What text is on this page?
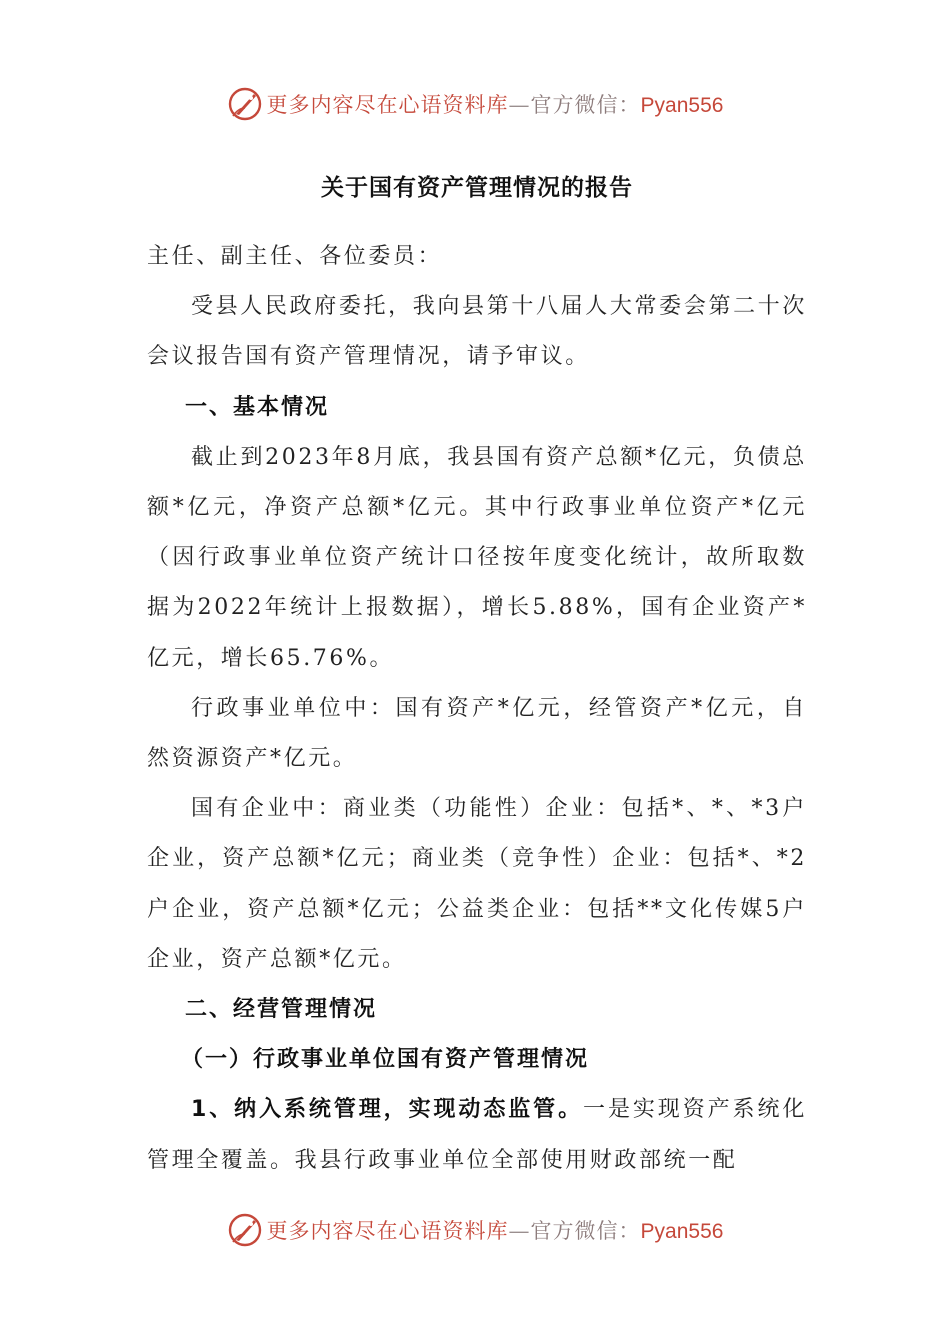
更多内容尽在心语资料库—官方微信：Pyan556
关于国有资产管理情况的报告

主任、副主任、各位委员：

受县人民政府委托，我向县第十八届人大常委会第二十次会议报告国有资产管理情况，请予审议。

一、基本情况

截止到2023年8月底，我县国有资产总额*亿元，负债总额*亿元，净资产总额*亿元。其中行政事业单位资产*亿元（因行政事业单位资产统计口径按年度变化统计，故所取数据为2022年统计上报数据），增长5.88%，国有企业资产*亿元，增长65.76%。

行政事业单位中：国有资产*亿元，经管资产*亿元，自然资源资产*亿元。

国有企业中：商业类（功能性）企业：包括*、*、*3户企业，资产总额*亿元；商业类（竞争性）企业：包括*、*2户企业，资产总额*亿元；公益类企业：包括**文化传媒5户企业，资产总额*亿元。

二、经营管理情况

（一）行政事业单位国有资产管理情况

1、纳入系统管理，实现动态监管。一是实现资产系统化管理全覆盖。我县行政事业单位全部使用财政部统一配

更多内容尽在心语资料库—官方微信：Pyan556
